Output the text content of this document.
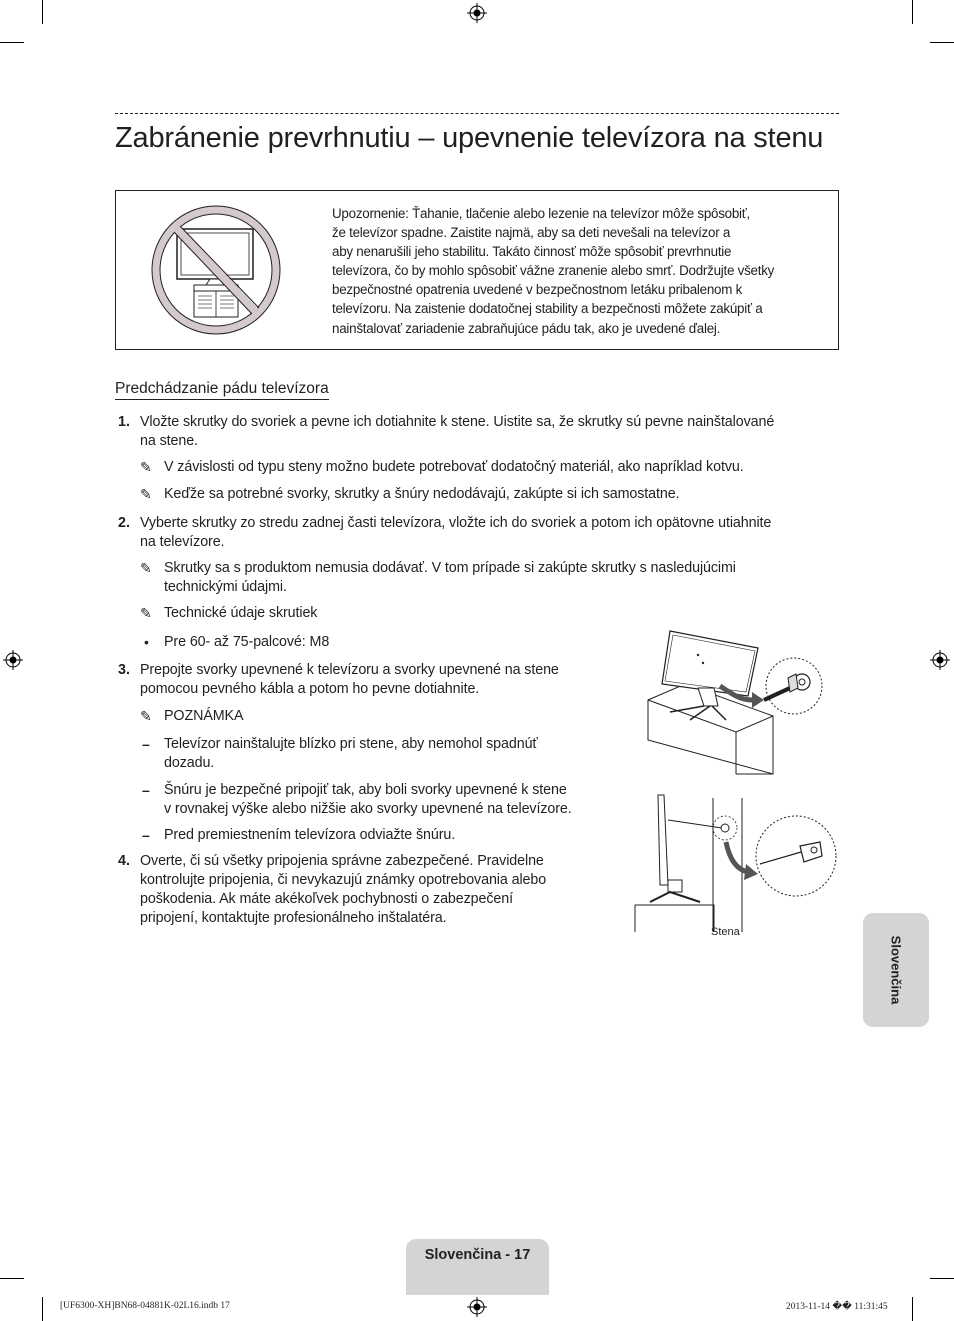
Zabránenie prevrhnutiu – upevnenie televízora na stenu

Upozornenie: Ťahanie, tlačenie alebo lezenie na televízor môže spôsobiť,

že televízor spadne. Zaistite najmä, aby sa deti nevešali na televízor a

aby nenarušili jeho stabilitu. Takáto činnosť môže spôsobiť prevrhnutie

televízora, čo by mohlo spôsobiť vážne zranenie alebo smrť. Dodržujte všetky

bezpečnostné opatrenia uvedené v bezpečnostnom letáku pribalenom k

televízoru. Na zaistenie dodatočnej stability a bezpečnosti môžete zakúpiť a

nainštalovať zariadenie zabraňujúce pádu tak, ako je uvedené ďalej.

Predchádzanie pádu televízora
1. Vložte skrutky do svoriek a pevne ich dotiahnite k stene. Uistite sa, že skrutky sú pevne nainštalované
na stene.
✎ V závislosti od typu steny možno budete potrebovať dodatočný materiál, ako napríklad kotvu.
✎ Keďže sa potrebné svorky, skrutky a šnúry nedodávajú, zakúpte si ich samostatne.
2. Vyberte skrutky zo stredu zadnej časti televízora, vložte ich do svoriek a potom ich opätovne utiahnite
na televízore.
✎ Skrutky sa s produktom nemusia dodávať. V tom prípade si zakúpte skrutky s nasledujúcimi
technickými údajmi.
✎ Technické údaje skrutiek
• Pre 60- až 75-palcové: M8
3. Prepojte svorky upevnené k televízoru a svorky upevnené na stene
pomocou pevného kábla a potom ho pevne dotiahnite.
✎ POZNÁMKA
– Televízor nainštalujte blízko pri stene, aby nemohol spadnúť
dozadu.
– Šnúru je bezpečné pripojiť tak, aby boli svorky upevnené k stene
v rovnakej výške alebo nižšie ako svorky upevnené na televízore.
– Pred premiestnením televízora odviažte šnúru.
4. Overte, či sú všetky pripojenia správne zabezpečené. Pravidelne
kontrolujte pripojenia, či nevykazujú známky opotrebovania alebo
poškodenia. Ak máte akékoľvek pochybnosti o zabezpečení
pripojení, kontaktujte profesionálneho inštalatéra.
Stena
Slovenčina
Slovenčina - 17
[UF6300-XH]BN68-04881K-02L16.indb 17	2013-11-14 �� 11:31:45
